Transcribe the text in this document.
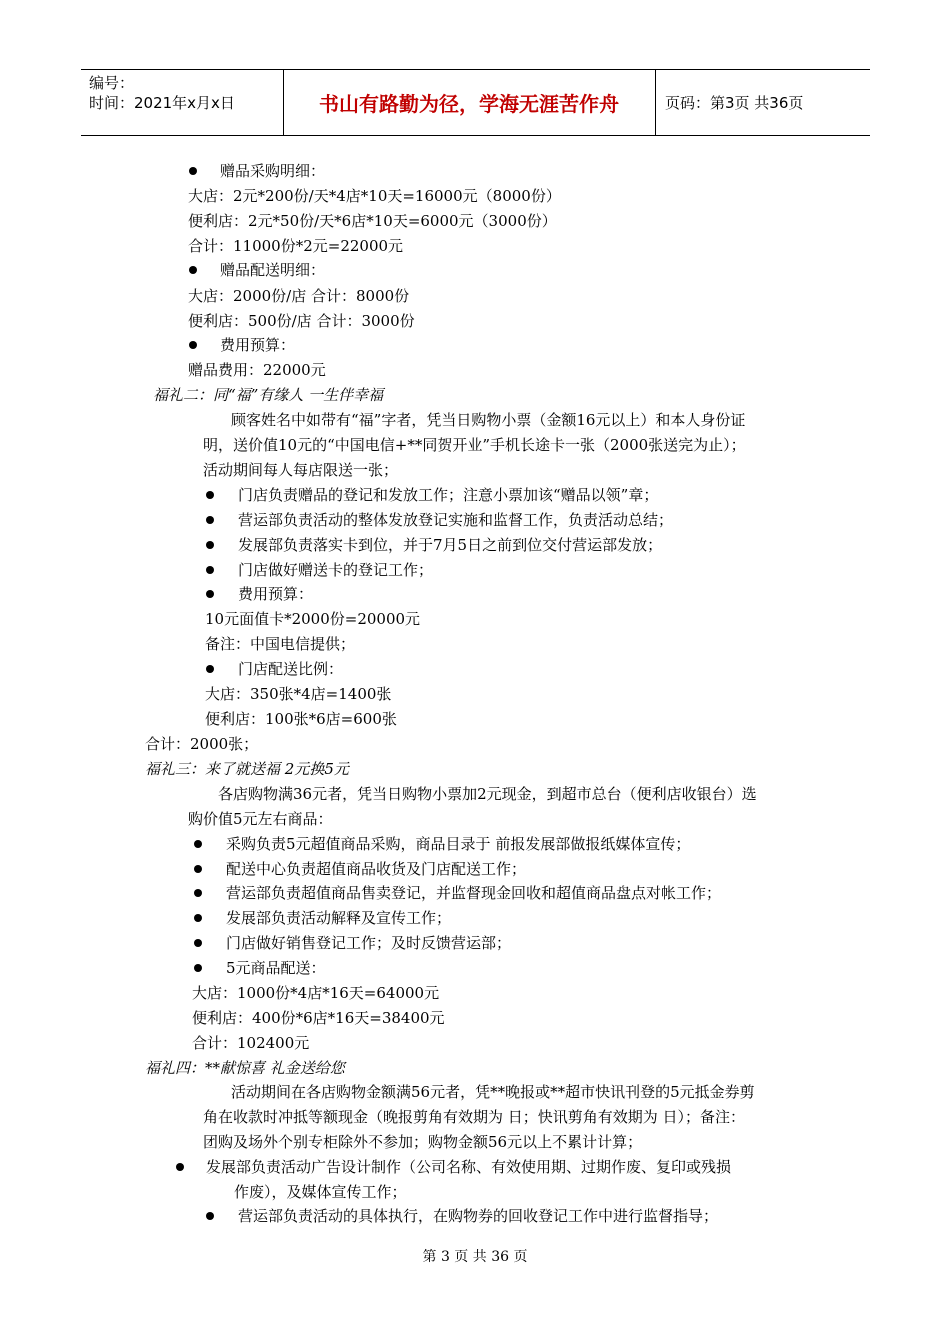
编号：
时间：2021年x月x日	书山有路勤为径，学海无涯苦作舟	页码：第3页 共36页
赠品采购明细：
大店：2元*200份/天*4店*10天=16000元（8000份）
便利店：2元*50份/天*6店*10天=6000元（3000份）
合计：11000份*2元=22000元
赠品配送明细：
大店：2000份/店 合计：8000份
便利店：500份/店 合计：3000份
费用预算：
赠品费用：22000元
福礼二：同“福”有缘人 一生伴幸福
顾客姓名中如带有“福”字者，凭当日购物小票（金额16元以上）和本人身份证
明，送价值10元的“中国电信+**同贺开业”手机长途卡一张（2000张送完为止）；
活动期间每人每店限送一张；
门店负责赠品的登记和发放工作；注意小票加该“赠品以领”章；
营运部负责活动的整体发放登记实施和监督工作，负责活动总结；
发展部负责落实卡到位，并于7月5日之前到位交付营运部发放；
门店做好赠送卡的登记工作；
费用预算：
10元面值卡*2000份=20000元
备注：中国电信提供；
门店配送比例：
大店：350张*4店=1400张
便利店：100张*6店=600张
合计：2000张；
福礼三：来了就送福 2元换5元
各店购物满36元者，凭当日购物小票加2元现金，到超市总台（便利店收银台）选
购价值5元左右商品：
采购负责5元超值商品采购，商品目录于 前报发展部做报纸媒体宣传；
配送中心负责超值商品收货及门店配送工作；
营运部负责超值商品售卖登记，并监督现金回收和超值商品盘点对帐工作；
发展部负责活动解释及宣传工作；
门店做好销售登记工作；及时反馈营运部；
5元商品配送：
大店：1000份*4店*16天=64000元
便利店：400份*6店*16天=38400元
合计：102400元
福礼四：**献惊喜 礼金送给您
活动期间在各店购物金额满56元者，凭**晚报或**超市快讯刊登的5元抵金券剪
角在收款时冲抵等额现金（晚报剪角有效期为 日；快讯剪角有效期为 日）；备注：
团购及场外个别专柜除外不参加；购物金额56元以上不累计计算；
发展部负责活动广告设计制作（公司名称、有效使用期、过期作废、复印或残损
作废），及媒体宣传工作；
营运部负责活动的具体执行，在购物券的回收登记工作中进行监督指导；
第 3 页 共 36 页
